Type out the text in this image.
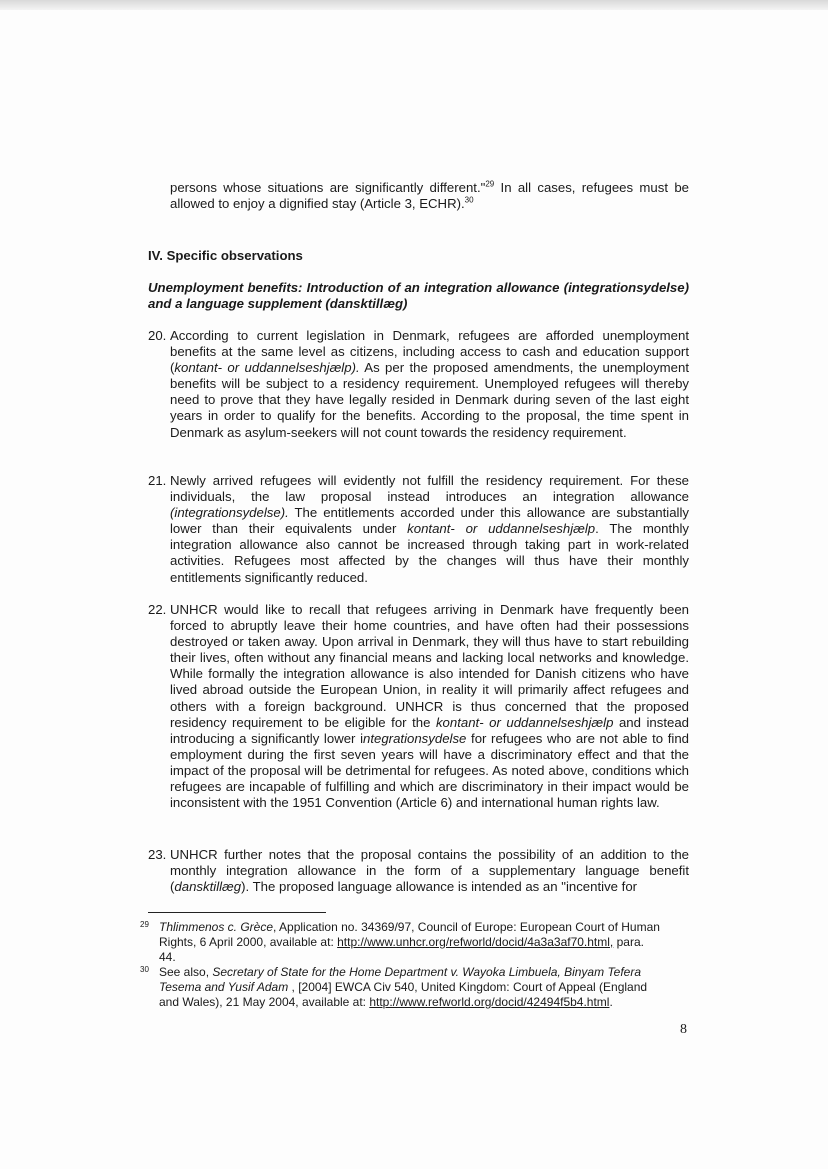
persons whose situations are significantly different."$^{29}$ In all cases, refugees must be allowed to enjoy a dignified stay (Article 3, ECHR).$^{30}$

IV. Specific observations

Unemployment benefits: Introduction of an integration allowance (integrationsydelse) and a language supplement (dansktillæg)

20. According to current legislation in Denmark, refugees are afforded unemployment benefits at the same level as citizens, including access to cash and education support (kontant- or uddannelseshjælp). As per the proposed amendments, the unemployment benefits will be subject to a residency requirement. Unemployed refugees will thereby need to prove that they have legally resided in Denmark during seven of the last eight years in order to qualify for the benefits. According to the proposal, the time spent in Denmark as asylum-seekers will not count towards the residency requirement.
21. Newly arrived refugees will evidently not fulfill the residency requirement. For these individuals, the law proposal instead introduces an integration allowance (integrationsydelse). The entitlements accorded under this allowance are substantially lower than their equivalents under kontant- or uddannelseshjælp. The monthly integration allowance also cannot be increased through taking part in work-related activities. Refugees most affected by the changes will thus have their monthly entitlements significantly reduced.
22. UNHCR would like to recall that refugees arriving in Denmark have frequently been forced to abruptly leave their home countries, and have often had their possessions destroyed or taken away. Upon arrival in Denmark, they will thus have to start rebuilding their lives, often without any financial means and lacking local networks and knowledge. While formally the integration allowance is also intended for Danish citizens who have lived abroad outside the European Union, in reality it will primarily affect refugees and others with a foreign background. UNHCR is thus concerned that the proposed residency requirement to be eligible for the kontant- or uddannelseshjælp and instead introducing a significantly lower integrationsydelse for refugees who are not able to find employment during the first seven years will have a discriminatory effect and that the impact of the proposal will be detrimental for refugees. As noted above, conditions which refugees are incapable of fulfilling and which are discriminatory in their impact would be inconsistent with the 1951 Convention (Article 6) and international human rights law.
23. UNHCR further notes that the proposal contains the possibility of an addition to the monthly integration allowance in the form of a supplementary language benefit (dansktillæg). The proposed language allowance is intended as an "incentive for
29 Thlimmenos c. Grèce, Application no. 34369/97, Council of Europe: European Court of Human Rights, 6 April 2000, available at: http://www.unhcr.org/refworld/docid/4a3a3af70.html, para. 44.
30 See also, Secretary of State for the Home Department v. Wayoka Limbuela, Binyam Tefera Tesema and Yusif Adam , [2004] EWCA Civ 540, United Kingdom: Court of Appeal (England and Wales), 21 May 2004, available at: http://www.refworld.org/docid/42494f5b4.html.
8
